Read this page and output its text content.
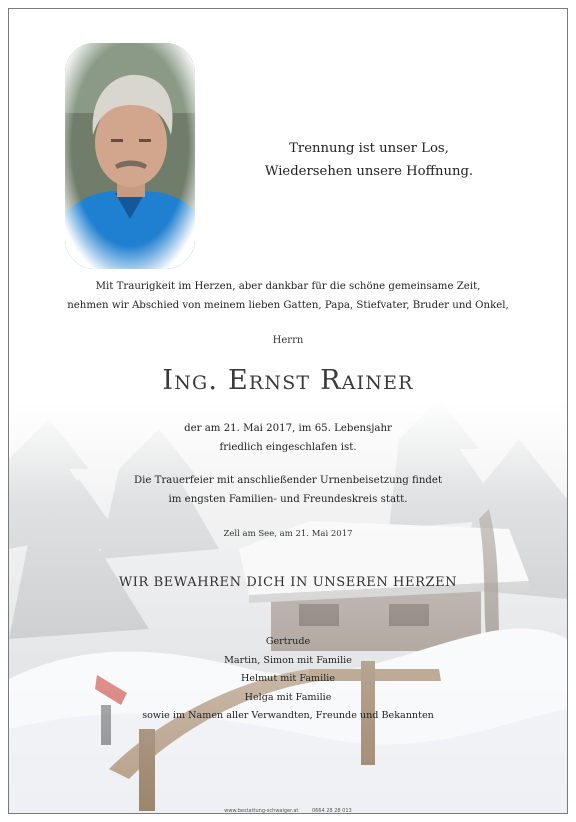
Trennung ist unser Los,
Wiedersehen unsere Hoffnung.
Mit Traurigkeit im Herzen, aber dankbar für die schöne gemeinsame Zeit,
nehmen wir Abschied von meinem lieben Gatten, Papa, Stiefvater, Bruder und Onkel,
Herrn
Ing. Ernst Rainer
der am 21. Mai 2017, im 65. Lebensjahr
friedlich eingeschlafen ist.
Die Trauerfeier mit anschließender Urnenbeisetzung findet
im engsten Familien- und Freundeskreis statt.
Zell am See, am 21. Mai 2017
WIR BEWAHREN DICH IN UNSEREN HERZEN
Gertrude
Martin, Simon mit Familie
Helmut mit Familie
Helga mit Familie
sowie im Namen aller Verwandten, Freunde und Bekannten
www.bestattung-schwaiger.at	0664 28 28 013
